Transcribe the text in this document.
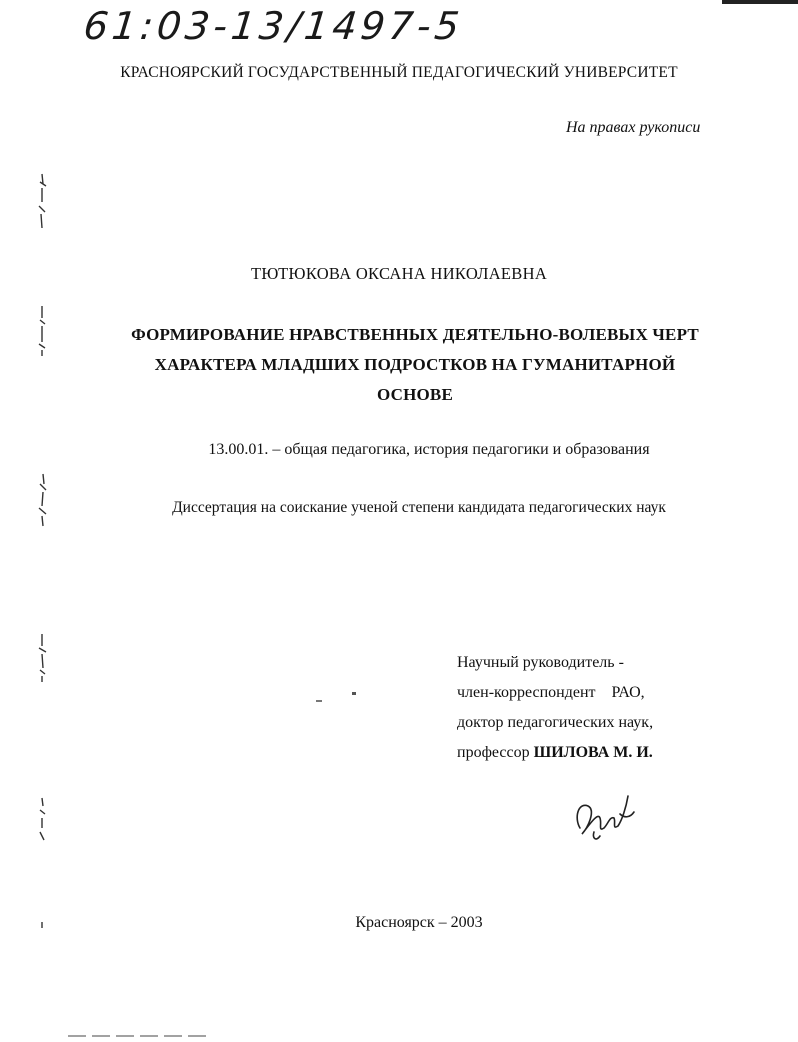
61:03-13/1497-5
КРАСНОЯРСКИЙ ГОСУДАРСТВЕННЫЙ ПЕДАГОГИЧЕСКИЙ УНИВЕРСИТЕТ
На правах рукописи
ТЮТЮКОВА ОКСАНА НИКОЛАЕВНА
ФОРМИРОВАНИЕ НРАВСТВЕННЫХ ДЕЯТЕЛЬНО-ВОЛЕВЫХ ЧЕРТ
ХАРАКТЕРА МЛАДШИХ ПОДРОСТКОВ НА ГУМАНИТАРНОЙ
ОСНОВЕ
13.00.01. – общая педагогика, история педагогики и образования
Диссертация на соискание ученой степени кандидата педагогических наук
Научный руководитель -
член-корреспондент    РАО,
доктор педагогических наук,
профессор ШИЛОВА М. И.
Красноярск – 2003
